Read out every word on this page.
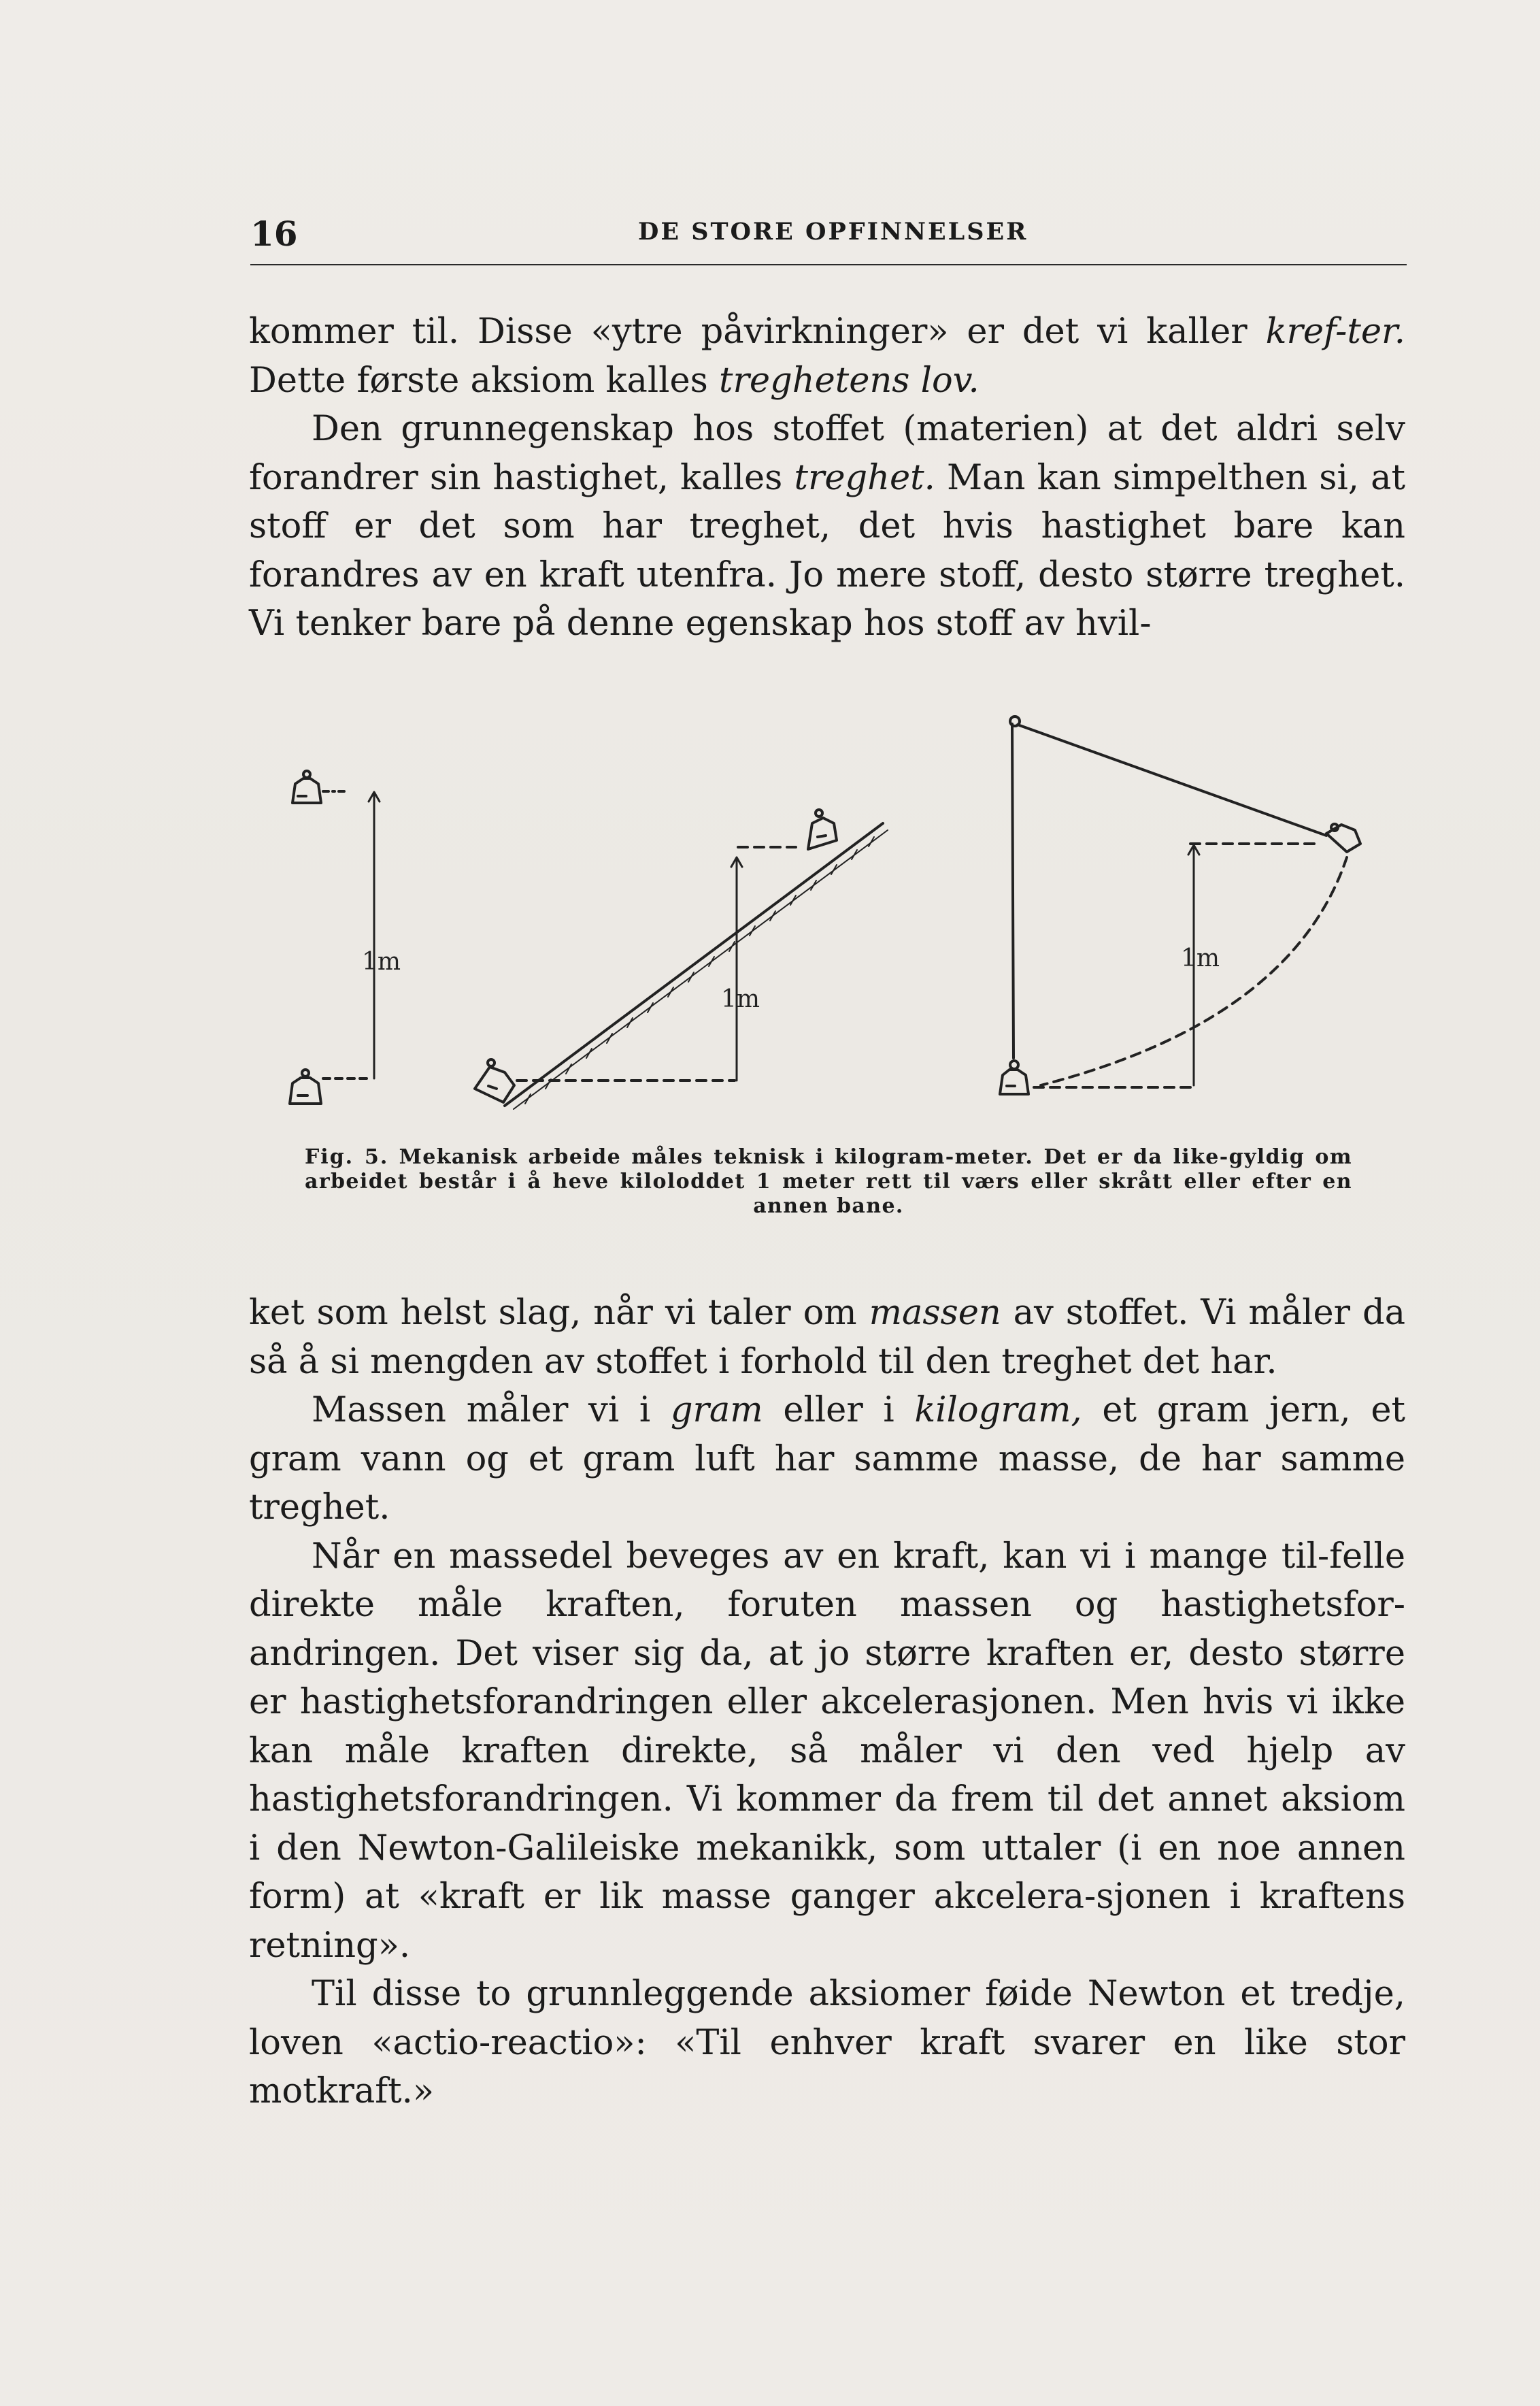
16	DE STORE OPFINNELSER

kommer til. Disse «ytre påvirkninger» er det vi kaller kref-ter. Dette første aksiom kalles treghetens lov.

Den grunnegenskap hos stoffet (materien) at det aldri selv forandrer sin hastighet, kalles treghet. Man kan simpelthen si, at stoff er det som har treghet, det hvis hastighet bare kan forandres av en kraft utenfra. Jo mere stoff, desto større treghet. Vi tenker bare på denne egenskap hos stoff av hvil-

1m
1m
1m
Fig. 5. Mekanisk arbeide måles teknisk i kilogram-meter. Det er da like-gyldig om arbeidet består i å heve kiloloddet 1 meter rett til værs eller skrått eller efter en annen bane.

ket som helst slag, når vi taler om massen av stoffet. Vi måler da så å si mengden av stoffet i forhold til den treghet det har.

Massen måler vi i gram eller i kilogram, et gram jern, et gram vann og et gram luft har samme masse, de har samme treghet.

Når en massedel beveges av en kraft, kan vi i mange til-felle direkte måle kraften, foruten massen og hastighetsfor-andringen. Det viser sig da, at jo større kraften er, desto større er hastighetsforandringen eller akcelerasjonen. Men hvis vi ikke kan måle kraften direkte, så måler vi den ved hjelp av hastighetsforandringen. Vi kommer da frem til det annet aksiom i den Newton-Galileiske mekanikk, som uttaler (i en noe annen form) at «kraft er lik masse ganger akcelera-sjonen i kraftens retning».

Til disse to grunnleggende aksiomer føide Newton et tredje, loven «actio-reactio»: «Til enhver kraft svarer en like stor motkraft.»
